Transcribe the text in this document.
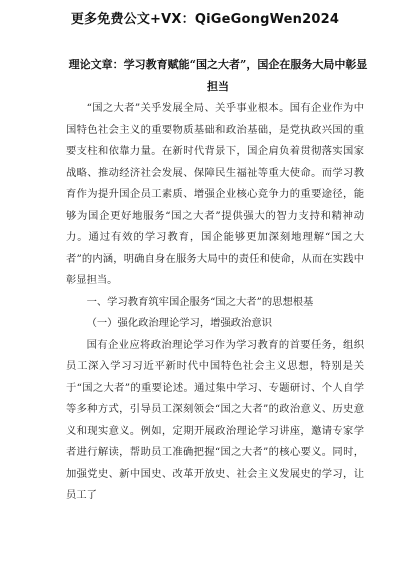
更多免费公文+VX：QiGeGongWen2024
理论文章：学习教育赋能“国之大者”，国企在服务大局中彰显担当

“国之大者”关乎发展全局、关乎事业根本。国有企业作为中国特色社会主义的重要物质基础和政治基础，是党执政兴国的重要支柱和依靠力量。在新时代背景下，国企肩负着贯彻落实国家战略、推动经济社会发展、保障民生福祉等重大使命。而学习教育作为提升国企员工素质、增强企业核心竞争力的重要途径，能够为国企更好地服务“国之大者”提供强大的智力支持和精神动力。通过有效的学习教育，国企能够更加深刻地理解“国之大者”的内涵，明确自身在服务大局中的责任和使命，从而在实践中彰显担当。

一、学习教育筑牢国企服务“国之大者”的思想根基

（一）强化政治理论学习，增强政治意识

国有企业应将政治理论学习作为学习教育的首要任务，组织员工深入学习习近平新时代中国特色社会主义思想，特别是关于“国之大者”的重要论述。通过集中学习、专题研讨、个人自学等多种方式，引导员工深刻领会“国之大者”的政治意义、历史意义和现实意义。例如，定期开展政治理论学习讲座，邀请专家学者进行解读，帮助员工准确把握“国之大者”的核心要义。同时，加强党史、新中国史、改革开放史、社会主义发展史的学习，让员工了
